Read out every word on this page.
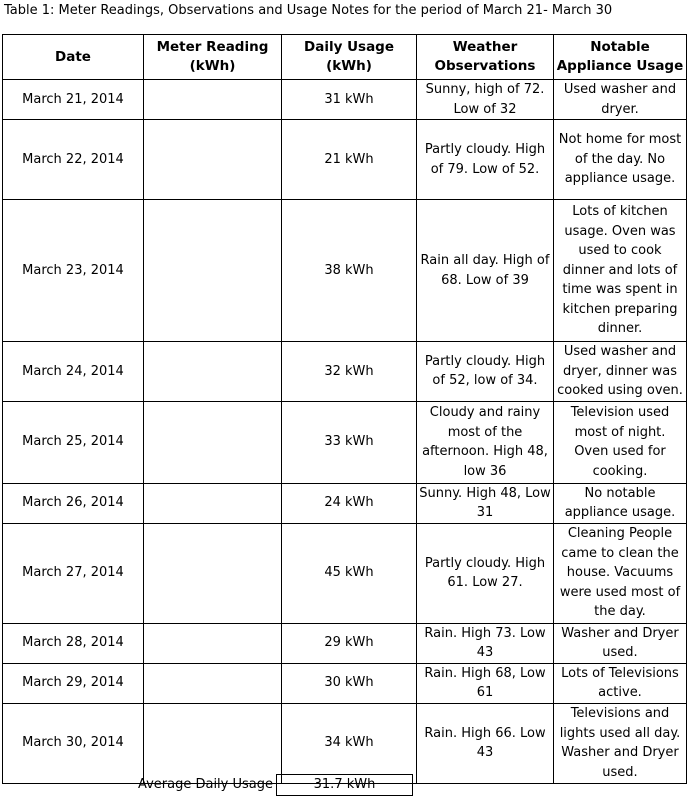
Table 1: Meter Readings, Observations and Usage Notes for the period of March 21- March 30
Date	Meter Reading (kWh)	Daily Usage (kWh)	Weather Observations	Notable Appliance Usage
March 21, 2014		31 kWh	Sunny, high of 72. Low of 32	Used washer and dryer.
March 22, 2014		21 kWh	Partly cloudy. High of 79. Low of 52.	Not home for most of the day. No appliance usage.
March 23, 2014		38 kWh	Rain all day. High of 68. Low of 39	Lots of kitchen usage. Oven was used to cook dinner and lots of time was spent in kitchen preparing dinner.
March 24, 2014		32 kWh	Partly cloudy. High of 52, low of 34.	Used washer and dryer, dinner was cooked using oven.
March 25, 2014		33 kWh	Cloudy and rainy most of the afternoon. High 48, low 36	Television used most of night. Oven used for cooking.
March 26, 2014		24 kWh	Sunny. High 48, Low 31	No notable appliance usage.
March 27, 2014		45 kWh	Partly cloudy. High 61. Low 27.	Cleaning People came to clean the house. Vacuums were used most of the day.
March 28, 2014		29 kWh	Rain. High 73. Low 43	Washer and Dryer used.
March 29, 2014		30 kWh	Rain. High 68, Low 61	Lots of Televisions active.
March 30, 2014		34 kWh	Rain. High 66. Low 43	Televisions and lights used all day. Washer and Dryer used.
Average Daily Usage	31.7 kWh
